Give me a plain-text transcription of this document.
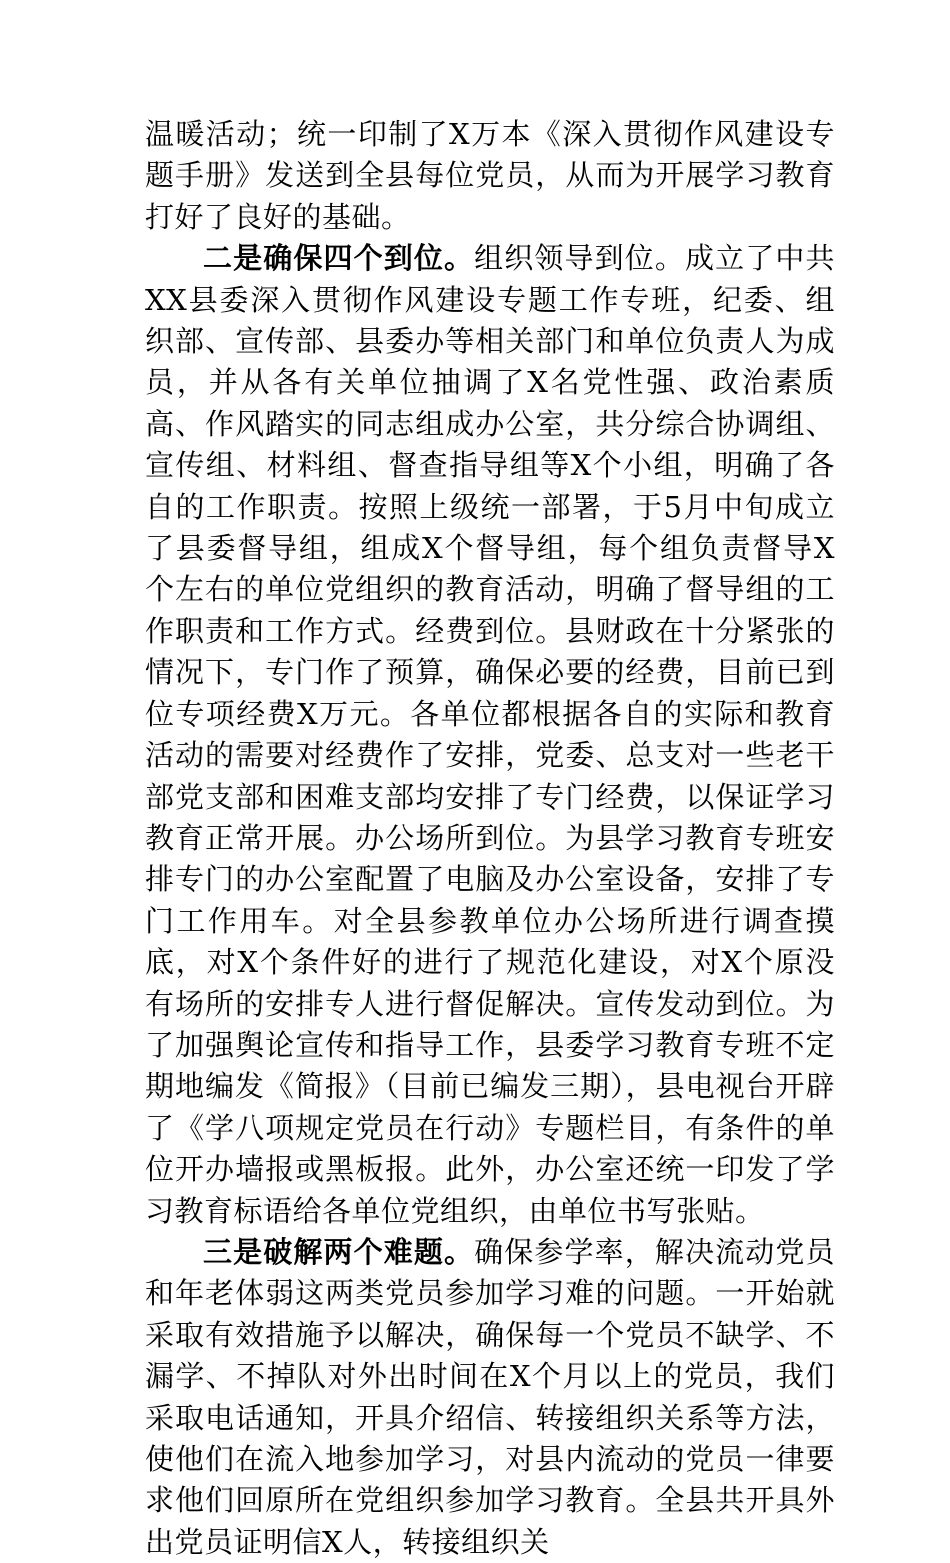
温暖活动；统一印制了X万本《深入贯彻作风建设专题手册》发送到全县每位党员，从而为开展学习教育打好了良好的基础。

二是确保四个到位。组织领导到位。成立了中共XX县委深入贯彻作风建设专题工作专班，纪委、组织部、宣传部、县委办等相关部门和单位负责人为成员，并从各有关单位抽调了X名党性强、政治素质高、作风踏实的同志组成办公室，共分综合协调组、宣传组、材料组、督查指导组等X个小组，明确了各自的工作职责。按照上级统一部署，于5月中旬成立了县委督导组，组成X个督导组，每个组负责督导X个左右的单位党组织的教育活动，明确了督导组的工作职责和工作方式。经费到位。县财政在十分紧张的情况下，专门作了预算，确保必要的经费，目前已到位专项经费X万元。各单位都根据各自的实际和教育活动的需要对经费作了安排，党委、总支对一些老干部党支部和困难支部均安排了专门经费，以保证学习教育正常开展。办公场所到位。为县学习教育专班安排专门的办公室配置了电脑及办公室设备，安排了专门工作用车。对全县参教单位办公场所进行调查摸底，对X个条件好的进行了规范化建设，对X个原没有场所的安排专人进行督促解决。宣传发动到位。为了加强舆论宣传和指导工作，县委学习教育专班不定期地编发《简报》（目前已编发三期），县电视台开辟了《学八项规定党员在行动》专题栏目，有条件的单位开办墙报或黑板报。此外，办公室还统一印发了学习教育标语给各单位党组织，由单位书写张贴。

三是破解两个难题。确保参学率，解决流动党员和年老体弱这两类党员参加学习难的问题。一开始就采取有效措施予以解决，确保每一个党员不缺学、不漏学、不掉队对外出时间在X个月以上的党员，我们采取电话通知，开具介绍信、转接组织关系等方法，使他们在流入地参加学习，对县内流动的党员一律要求他们回原所在党组织参加学习教育。全县共开具外出党员证明信X人，转接组织关
